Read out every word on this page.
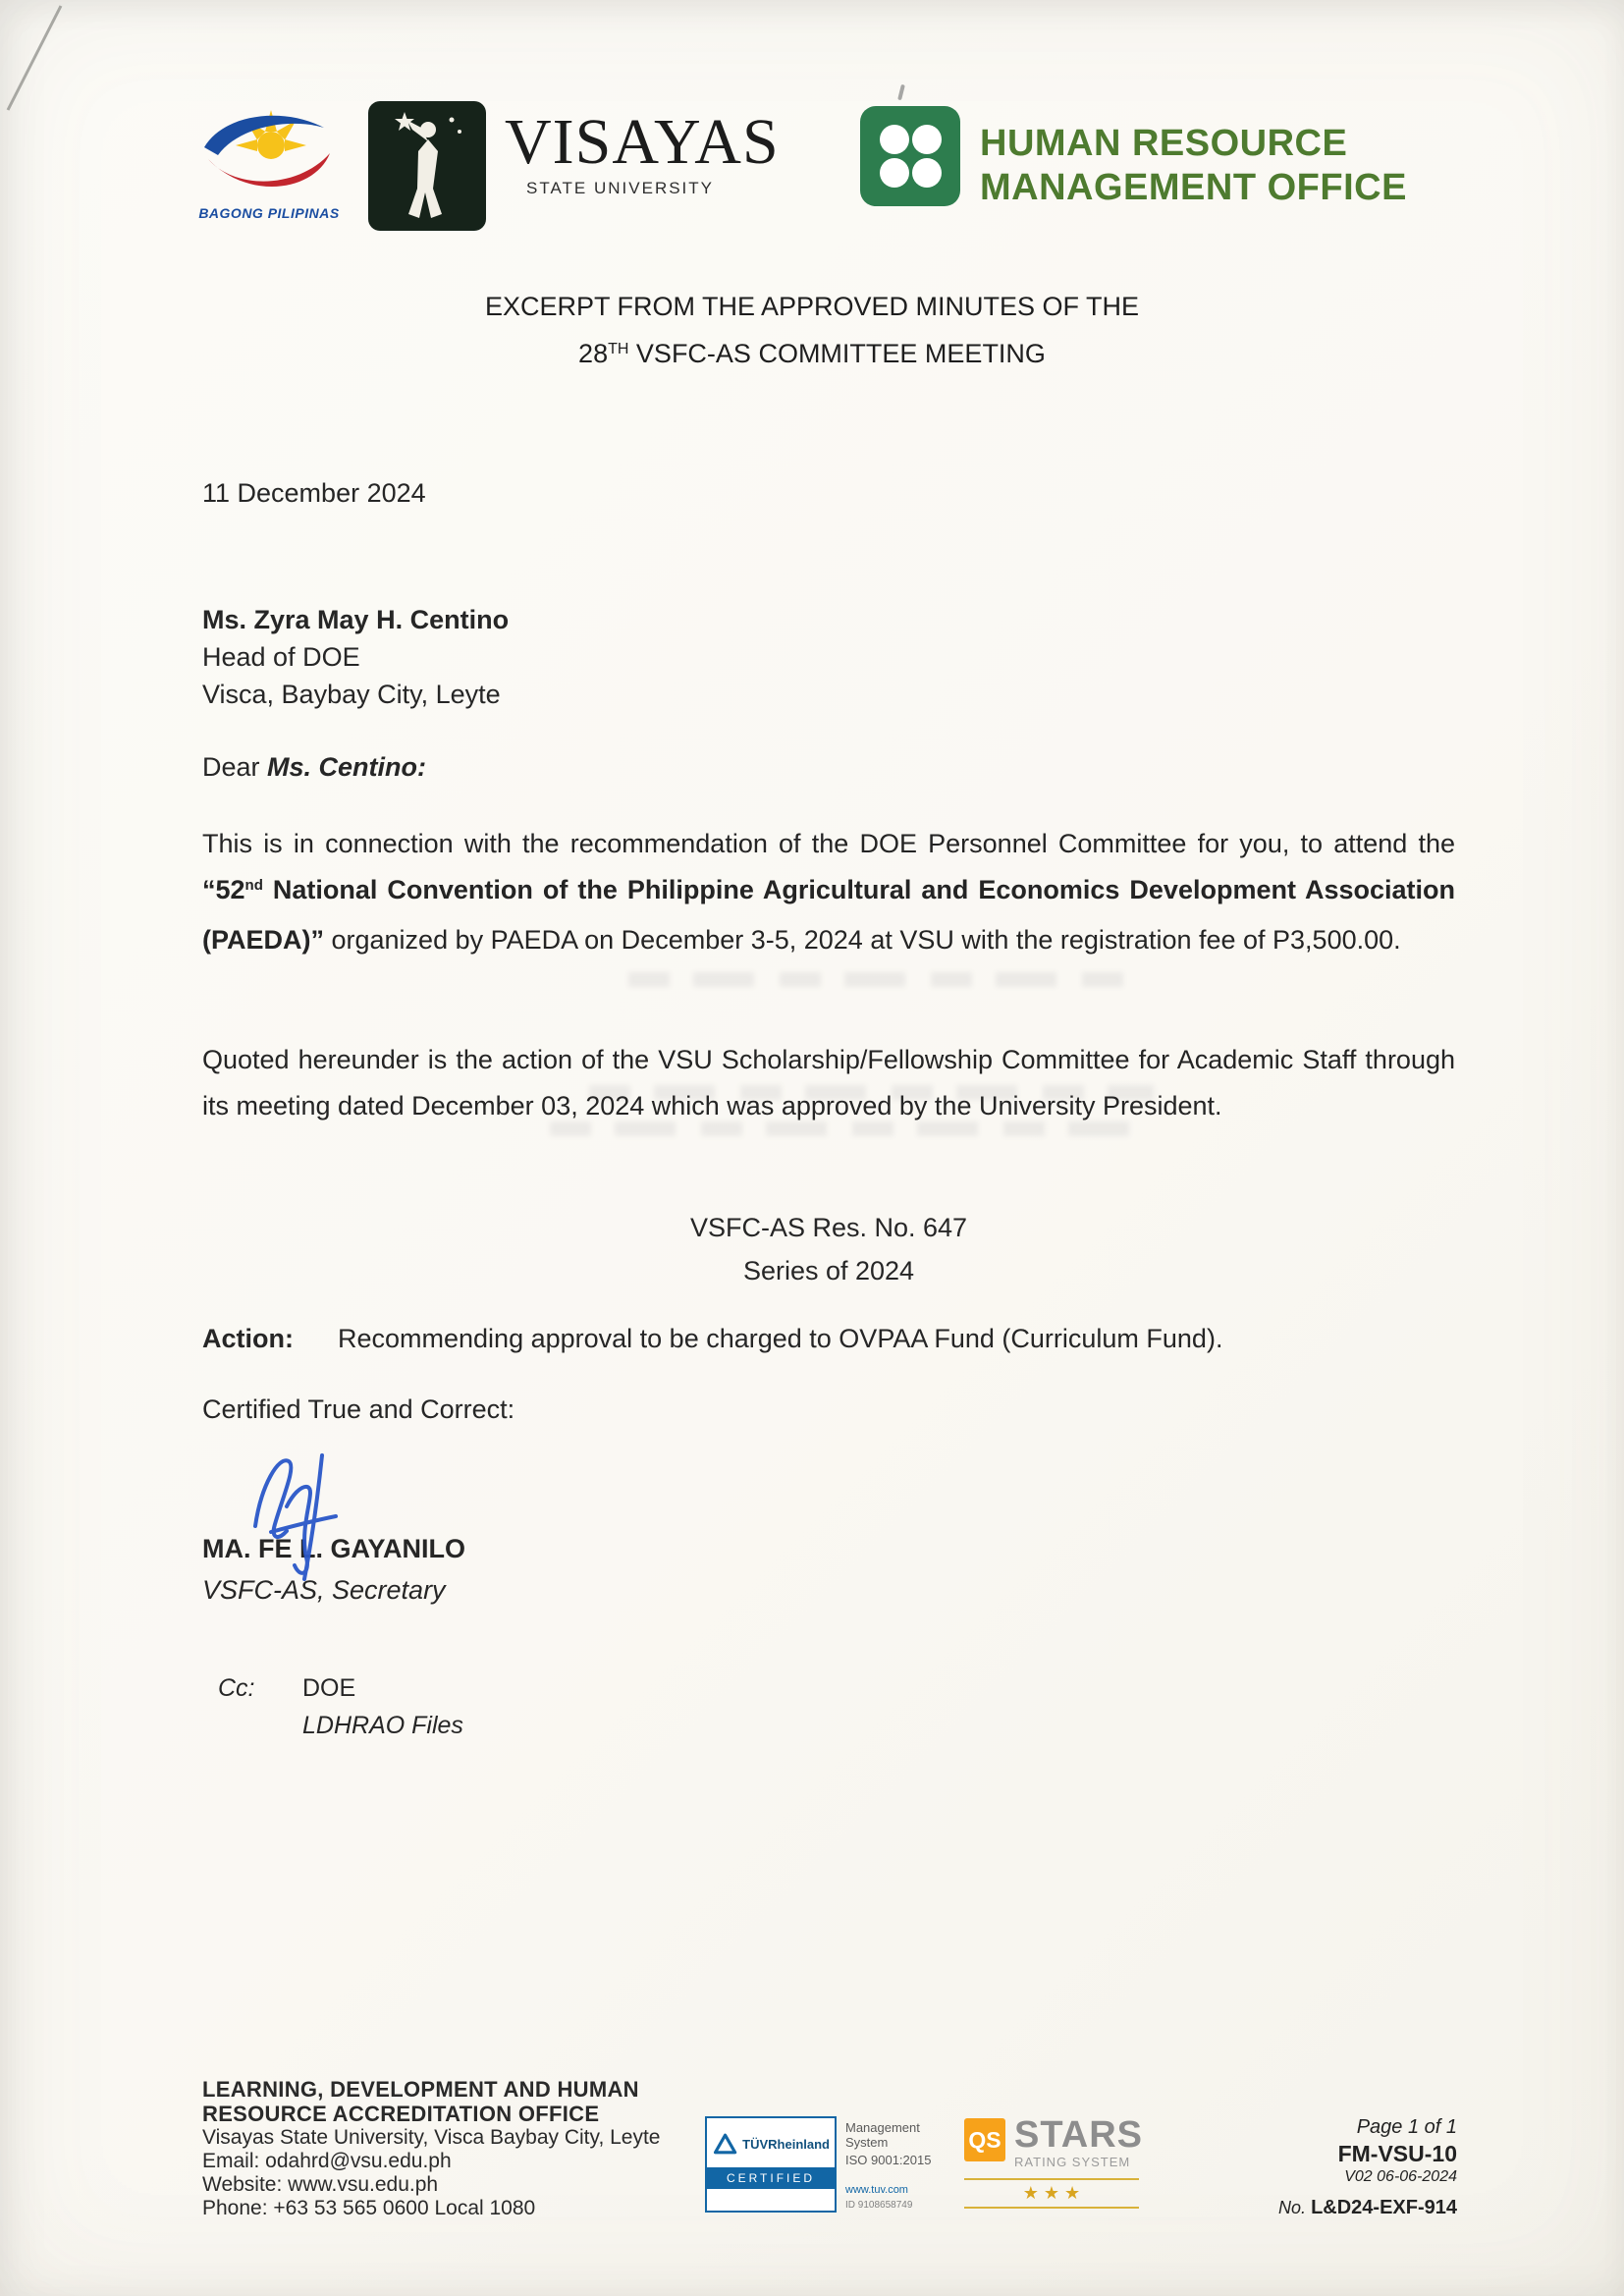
BAGONG PILIPINAS
VISAYAS
STATE UNIVERSITY
HUMAN RESOURCE
MANAGEMENT OFFICE
EXCERPT FROM THE APPROVED MINUTES OF THE
28TH VSFC-AS COMMITTEE MEETING
11 December 2024
Ms. Zyra May H. Centino
Head of DOE
Visca, Baybay City, Leyte
Dear Ms. Centino:

This is in connection with the recommendation of the DOE Personnel Committee for you, to attend the “52nd National Convention of the Philippine Agricultural and Economics Development Association (PAEDA)” organized by PAEDA on December 3-5, 2024 at VSU with the registration fee of P3,500.00.

Quoted hereunder is the action of the VSU Scholarship/Fellowship Committee for Academic Staff through its meeting dated December 03, 2024 which was approved by the University President.

VSFC-AS Res. No. 647
Series of 2024
Action: Recommending approval to be charged to OVPAA Fund (Curriculum Fund).
Certified True and Correct:
MA. FE L. GAYANILO
VSFC-AS, Secretary
Cc:	DOE
LDHRAO Files
LEARNING, DEVELOPMENT AND HUMAN
RESOURCE ACCREDITATION OFFICE
Visayas State University, Visca Baybay City, Leyte
Email: odahrd@vsu.edu.ph
Website: www.vsu.edu.ph
Phone: +63 53 565 0600 Local 1080
TÜVRheinland
CERTIFIED
Management
System
ISO 9001:2015
www.tuv.com
ID 9108658749
QS STARS
RATING SYSTEM
★ ★ ★
Page 1 of 1
FM-VSU-10
V02 06-06-2024
No. L&D24-EXF-914
